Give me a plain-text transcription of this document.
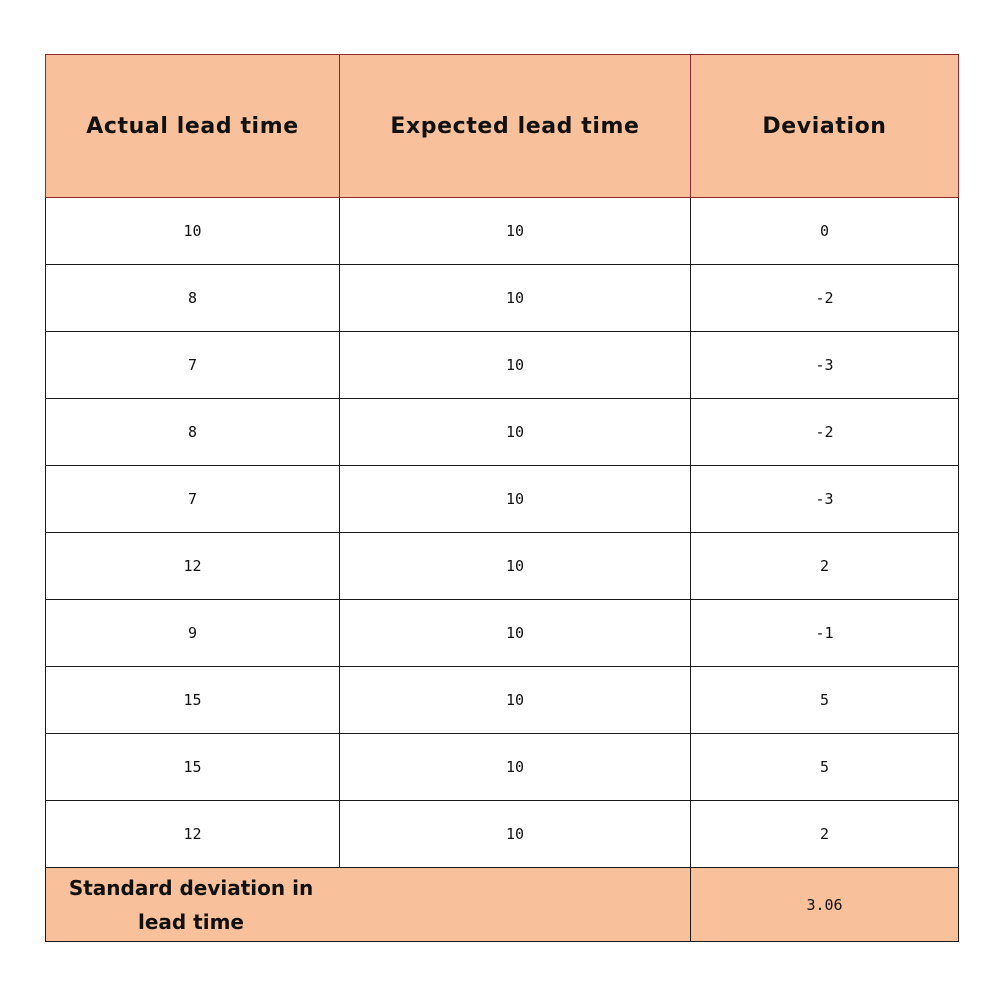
Actual lead time	Expected lead time	Deviation
10	10	0
8	10	-2
7	10	-3
8	10	-2
7	10	-3
12	10	2
9	10	-1
15	10	5
15	10	5
12	10	2

Standard deviation in lead time		3.06
